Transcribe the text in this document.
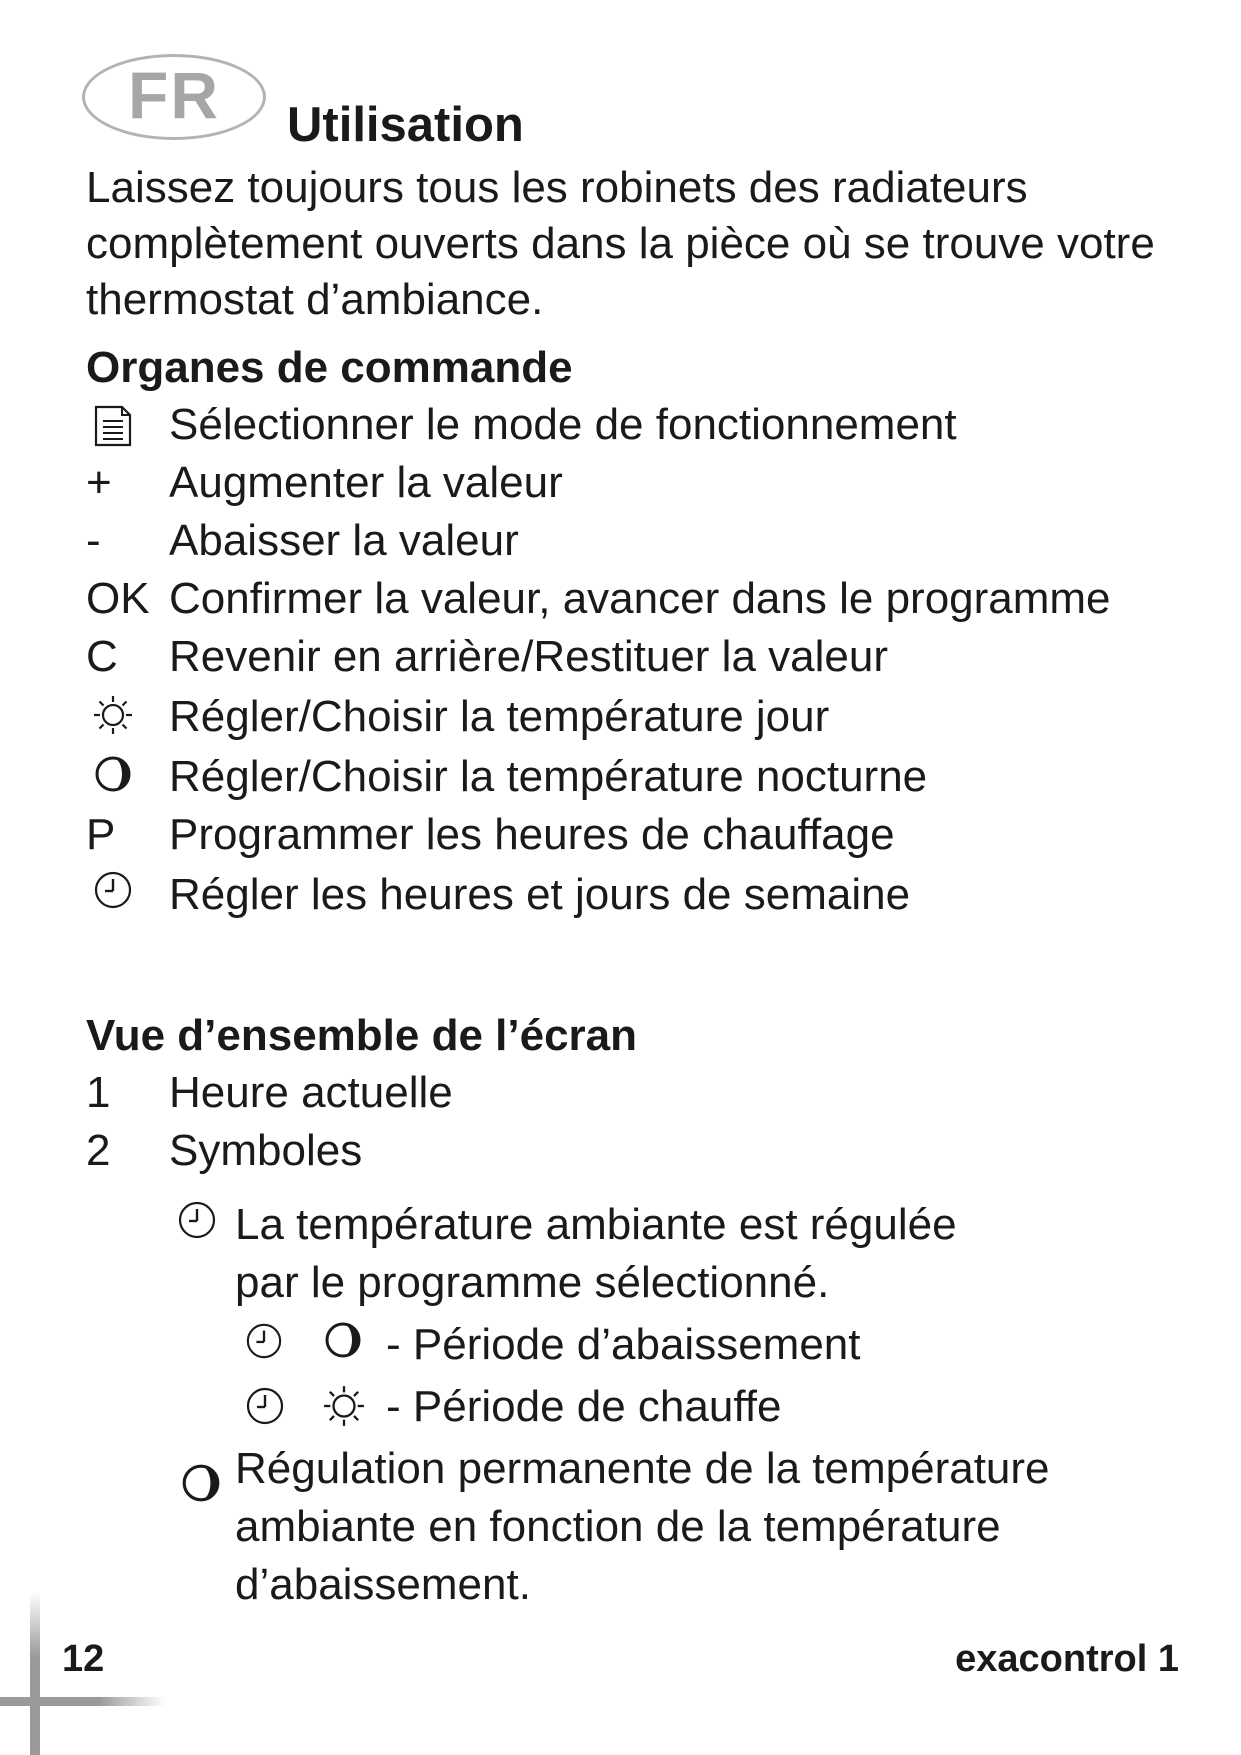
FR Utilisation

Laissez toujours tous les robinets des radiateurs complètement ouverts dans la pièce où se trouve votre thermostat d’ambiance.

Organes de commande
Sélectionner le mode de fonctionnement
+ Augmenter la valeur
- Abaisser la valeur
OK Confirmer la valeur, avancer dans le programme
C Revenir en arrière/Restituer la valeur
Régler/Choisir la température jour
Régler/Choisir la température nocturne
P Programmer les heures de chauffage
Régler les heures et jours de semaine
Vue d’ensemble de l’écran
1 Heure actuelle
2 Symboles
La température ambiante est régulée
par le programme sélectionné.
- Période d’abaissement
- Période de chauffe
Régulation permanente de la température
ambiante en fonction de la température
d’abaissement.
12	exacontrol 1
